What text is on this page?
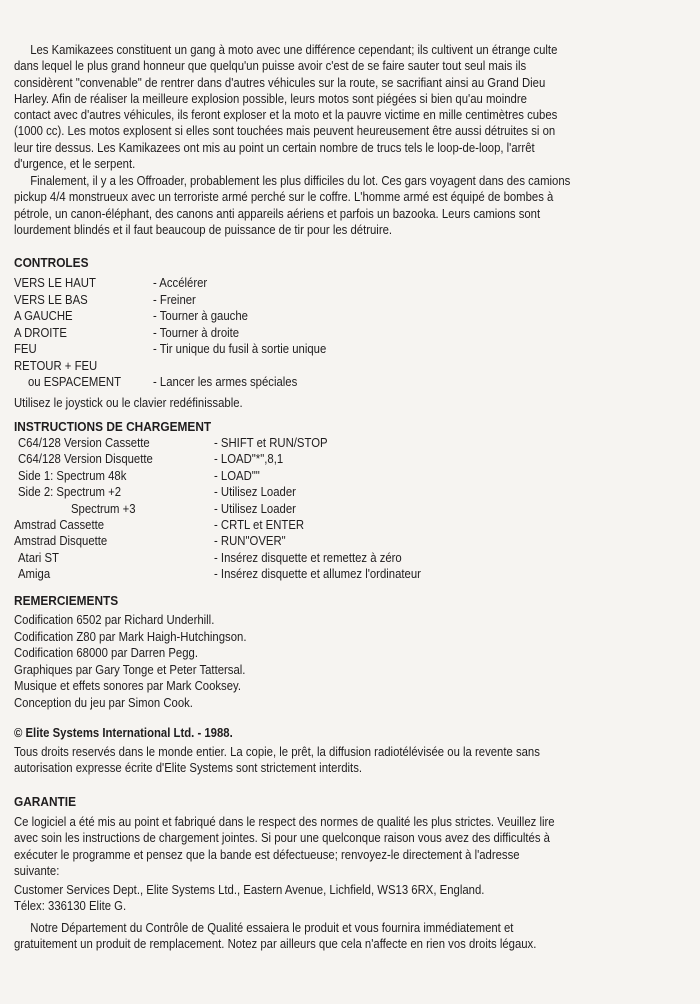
Les Kamikazees constituent un gang à moto avec une différence cependant; ils cultivent un étrange culte
dans lequel le plus grand honneur que quelqu'un puisse avoir c'est de se faire sauter tout seul mais ils
considèrent "convenable" de rentrer dans d'autres véhicules sur la route, se sacrifiant ainsi au Grand Dieu
Harley. Afin de réaliser la meilleure explosion possible, leurs motos sont piégées si bien qu'au moindre
contact avec d'autres véhicules, ils feront exploser et la moto et la pauvre victime en mille centimètres cubes
(1000 cc). Les motos explosent si elles sont touchées mais peuvent heureusement être aussi détruites si on
leur tire dessus. Les Kamikazees ont mis au point un certain nombre de trucs tels le loop-de-loop, l'arrêt
d'urgence, et le serpent.
Finalement, il y a les Offroader, probablement les plus difficiles du lot. Ces gars voyagent dans des camions
pickup 4/4 monstrueux avec un terroriste armé perché sur le coffre. L'homme armé est équipé de bombes à
pétrole, un canon-éléphant, des canons anti appareils aériens et parfois un bazooka. Leurs camions sont
lourdement blindés et il faut beaucoup de puissance de tir pour les détruire.
CONTROLES
VERS LE HAUT	- Accélérer
VERS LE BAS	- Freiner
A GAUCHE	- Tourner à gauche
A DROITE	- Tourner à droite
FEU	- Tir unique du fusil à sortie unique
RETOUR + FEU
ou ESPACEMENT	- Lancer les armes spéciales
Utilisez le joystick ou le clavier redéfinissable.
INSTRUCTIONS DE CHARGEMENT
C64/128 Version Cassette	- SHIFT et RUN/STOP
C64/128 Version Disquette	- LOAD"*",8,1
Side 1: Spectrum 48k	- LOAD""
Side 2: Spectrum +2	- Utilisez Loader
Spectrum +3	- Utilisez Loader
Amstrad Cassette	- CRTL et ENTER
Amstrad Disquette	- RUN"OVER"
Atari ST	- Insérez disquette et remettez à zéro
Amiga	- Insérez disquette et allumez l'ordinateur
REMERCIEMENTS
Codification 6502 par Richard Underhill.
Codification Z80 par Mark Haigh-Hutchingson.
Codification 68000 par Darren Pegg.
Graphiques par Gary Tonge et Peter Tattersal.
Musique et effets sonores par Mark Cooksey.
Conception du jeu par Simon Cook.
© Elite Systems International Ltd. - 1988.
Tous droits reservés dans le monde entier. La copie, le prêt, la diffusion radiotélévisée ou la revente sans
autorisation expresse écrite d'Elite Systems sont strictement interdits.
GARANTIE
Ce logiciel a été mis au point et fabriqué dans le respect des normes de qualité les plus strictes. Veuillez lire
avec soin les instructions de chargement jointes. Si pour une quelconque raison vous avez des difficultés à
exécuter le programme et pensez que la bande est défectueuse; renvoyez-le directement à l'adresse
suivante:
Customer Services Dept., Elite Systems Ltd., Eastern Avenue, Lichfield, WS13 6RX, England.
Télex: 336130 Elite G.
Notre Département du Contrôle de Qualité essaiera le produit et vous fournira immédiatement et
gratuitement un produit de remplacement. Notez par ailleurs que cela n'affecte en rien vos droits légaux.
